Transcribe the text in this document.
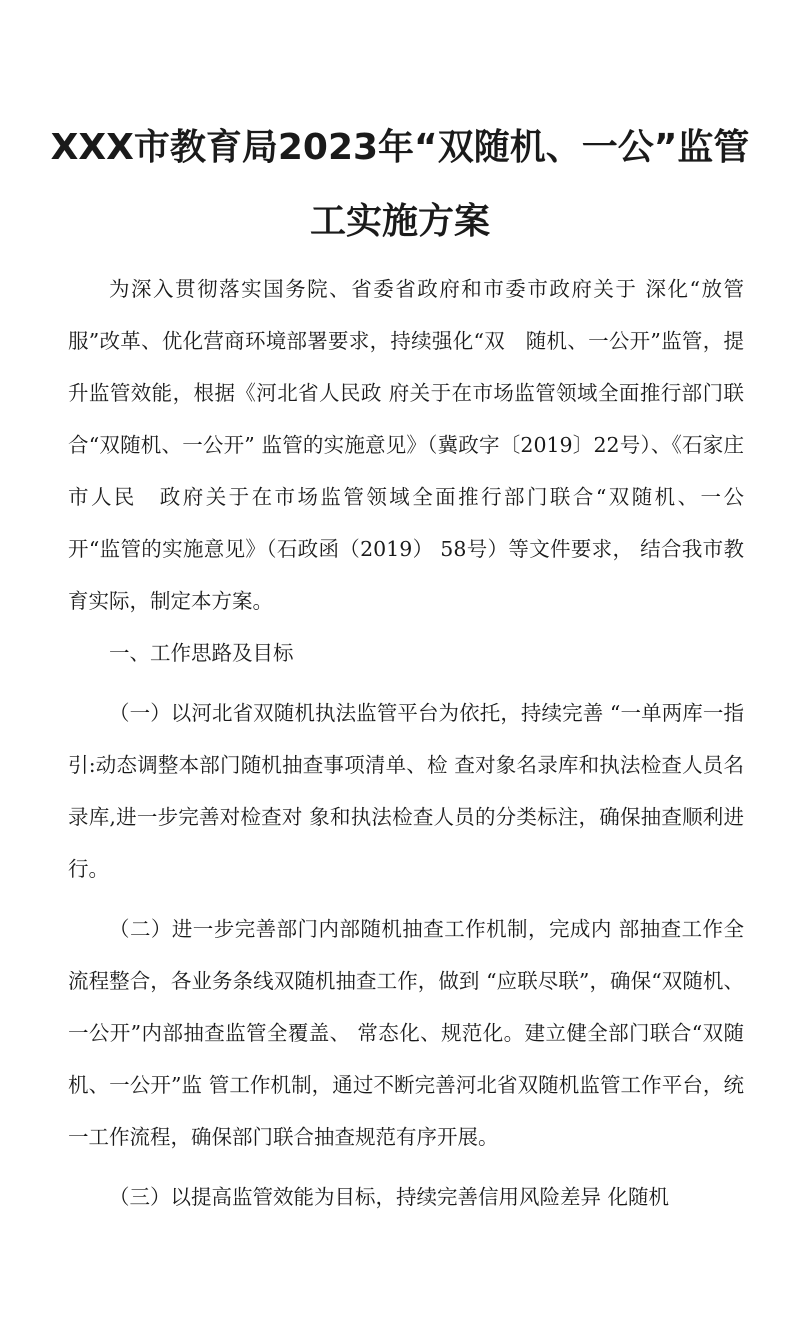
XXX市教育局2023年“双随机、一公”监管
工实施方案

为深入贯彻落实国务院、省委省政府和市委市政府关于 深化“放管服”改革、优化营商环境部署要求，持续强化“双　随机、一公开”监管，提升监管效能，根据《河北省人民政 府关于在市场监管领域全面推行部门联合“双随机、一公开” 监管的实施意见》（冀政字〔2019〕22号）、《石家庄市人民　政府关于在市场监管领域全面推行部门联合“双随机、一公　开“监管的实施意见》（石政函（2019） 58号）等文件要求， 结合我市教育实际，制定本方案。

一、工作思路及目标

（一）以河北省双随机执法监管平台为依托，持续完善 “一单两库一指引:动态调整本部门随机抽查事项清单、检 查对象名录库和执法检查人员名录库,进一步完善对检查对 象和执法检查人员的分类标注，确保抽查顺利进行。

（二）进一步完善部门内部随机抽查工作机制，完成内 部抽查工作全流程整合，各业务条线双随机抽查工作，做到 “应联尽联”，确保“双随机、一公开”内部抽查监管全覆盖、 常态化、规范化。建立健全部门联合“双随机、一公开”监 管工作机制，通过不断完善河北省双随机监管工作平台，统 一工作流程，确保部门联合抽查规范有序开展。

（三）以提高监管效能为目标，持续完善信用风险差异 化随机
